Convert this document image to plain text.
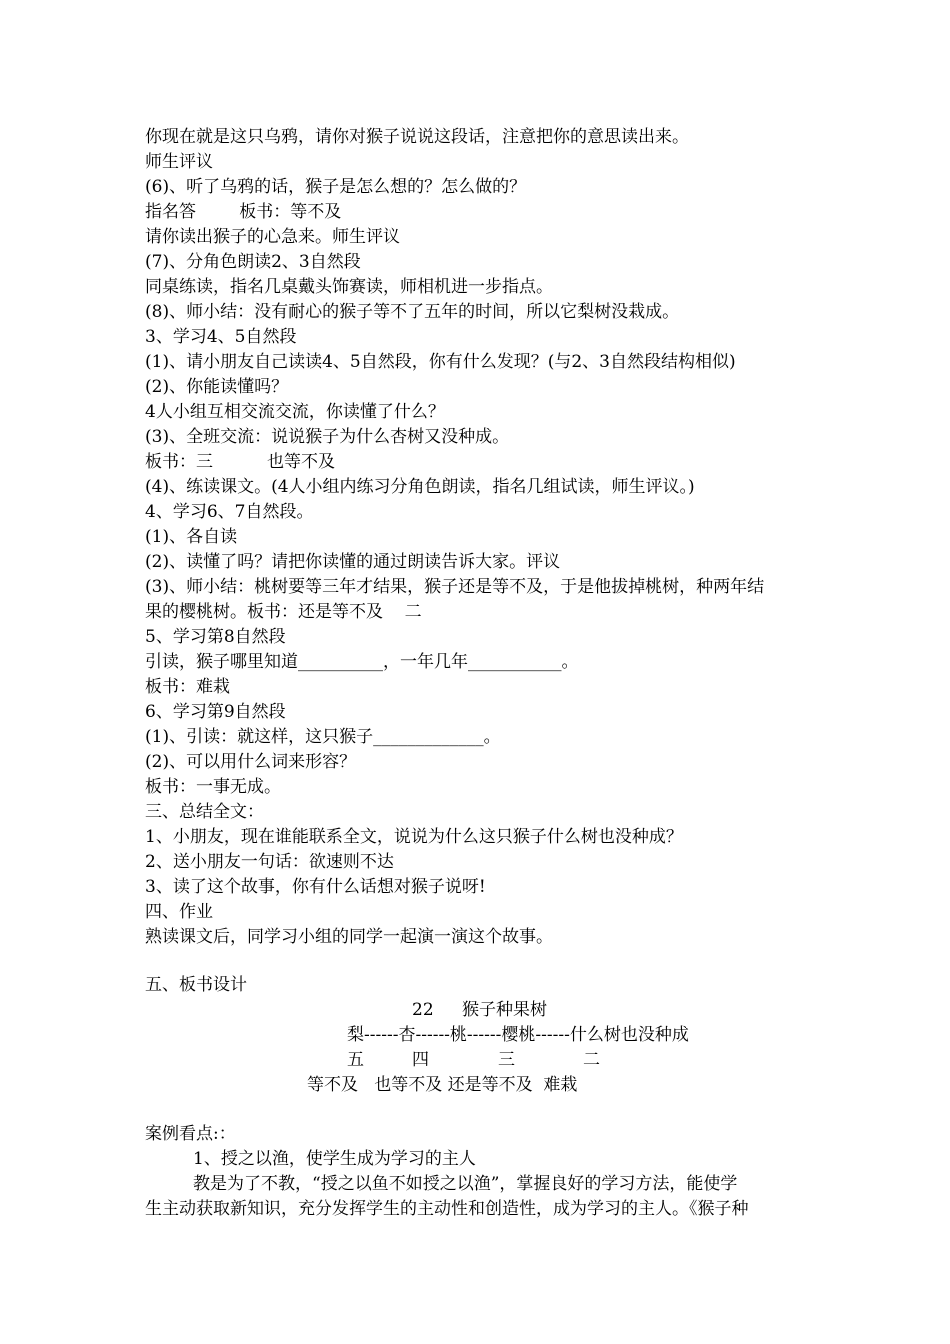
你现在就是这只乌鸦，请你对猴子说说这段话，注意把你的意思读出来。
师生评议
(6)、听了乌鸦的话，猴子是怎么想的？怎么做的？
指名答        板书：等不及
请你读出猴子的心急来。师生评议
(7)、分角色朗读2、3自然段
同桌练读，指名几桌戴头饰赛读，师相机进一步指点。
(8)、师小结：没有耐心的猴子等不了五年的时间，所以它梨树没栽成。
3、学习4、5自然段
(1)、请小朋友自己读读4、5自然段，你有什么发现？(与2、3自然段结构相似)
(2)、你能读懂吗？
4人小组互相交流交流，你读懂了什么？
(3)、全班交流：说说猴子为什么杏树又没种成。
板书：三          也等不及
(4)、练读课文。(4人小组内练习分角色朗读，指名几组试读，师生评议。)
4、学习6、7自然段。
(1)、各自读
(2)、读懂了吗？请把你读懂的通过朗读告诉大家。评议
(3)、师小结：桃树要等三年才结果，猴子还是等不及，于是他拔掉桃树，种两年结
果的樱桃树。板书：还是等不及    二
5、学习第8自然段
引读，猴子哪里知道__________，一年几年___________。
板书：难栽
6、学习第9自然段
(1)、引读：就这样，这只猴子_____________。
(2)、可以用什么词来形容？
板书：一事无成。
三、总结全文：
1、小朋友，现在谁能联系全文，说说为什么这只猴子什么树也没种成？
2、送小朋友一句话：欲速则不达
3、读了这个故事，你有什么话想对猴子说呀!
四、作业
熟读课文后，同学习小组的同学一起演一演这个故事。
五、板书设计
22 猴子种果树
梨------杏------桃------樱桃------什么树也没种成
五	四	三	二
等不及   也等不及 还是等不及  难栽
案例看点:：
1、授之以渔，使学生成为学习的主人
教是为了不教，“授之以鱼不如授之以渔”，掌握良好的学习方法，能使学
生主动获取新知识，充分发挥学生的主动性和创造性，成为学习的主人。《猴子种
